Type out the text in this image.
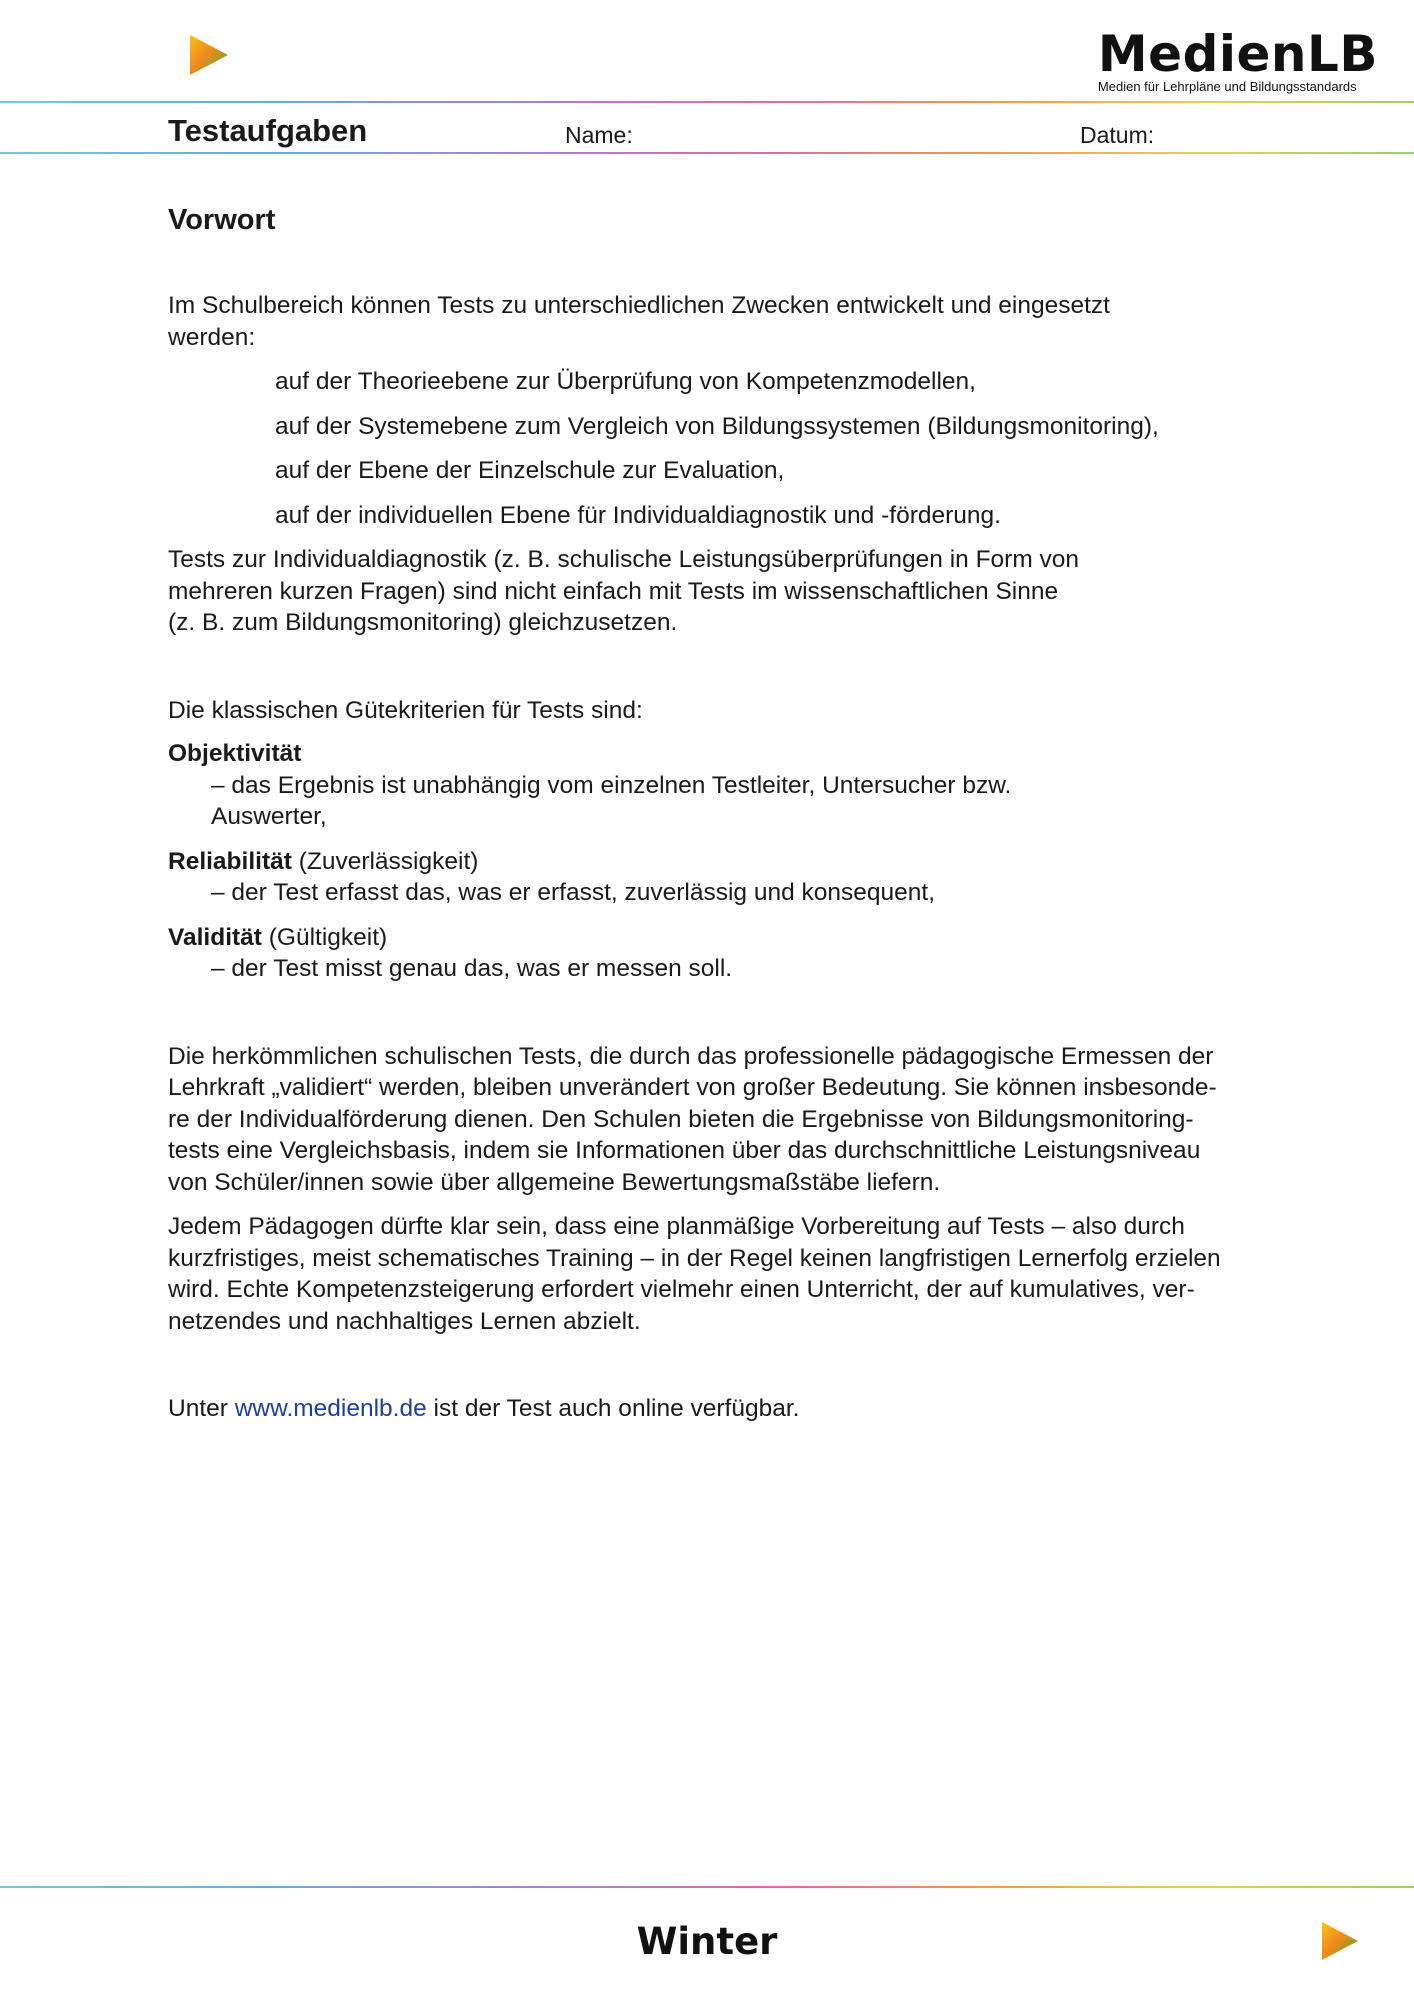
MedienLB
Medien für Lehrpläne und Bildungsstandards
Testaufgaben	Name:	Datum:
Vorwort

Im Schulbereich können Tests zu unterschiedlichen Zwecken entwickelt und eingesetzt
werden:

auf der Theorieebene zur Überprüfung von Kompetenzmodellen,

auf der Systemebene zum Vergleich von Bildungssystemen (Bildungsmonitoring),

auf der Ebene der Einzelschule zur Evaluation,

auf der individuellen Ebene für Individualdiagnostik und -förderung.

Tests zur Individualdiagnostik (z. B. schulische Leistungsüberprüfungen in Form von
mehreren kurzen Fragen) sind nicht einfach mit Tests im wissenschaftlichen Sinne
(z. B. zum Bildungsmonitoring) gleichzusetzen.

Die klassischen Gütekriterien für Tests sind:

Objektivität

– das Ergebnis ist unabhängig vom einzelnen Testleiter, Untersucher bzw.
Auswerter,

Reliabilität (Zuverlässigkeit)

– der Test erfasst das, was er erfasst, zuverlässig und konsequent,

Validität (Gültigkeit)

– der Test misst genau das, was er messen soll.

Die herkömmlichen schulischen Tests, die durch das professionelle pädagogische Ermessen der
Lehrkraft „validiert“ werden, bleiben unverändert von großer Bedeutung. Sie können insbesonde-
re der Individualförderung dienen. Den Schulen bieten die Ergebnisse von Bildungsmonitoring-
tests eine Vergleichsbasis, indem sie Informationen über das durchschnittliche Leistungsniveau
von Schüler/innen sowie über allgemeine Bewertungsmaßstäbe liefern.

Jedem Pädagogen dürfte klar sein, dass eine planmäßige Vorbereitung auf Tests – also durch
kurzfristiges, meist schematisches Training – in der Regel keinen langfristigen Lernerfolg erzielen
wird. Echte Kompetenzsteigerung erfordert vielmehr einen Unterricht, der auf kumulatives, ver-
netzendes und nachhaltiges Lernen abzielt.

Unter www.medienlb.de ist der Test auch online verfügbar.

Winter
